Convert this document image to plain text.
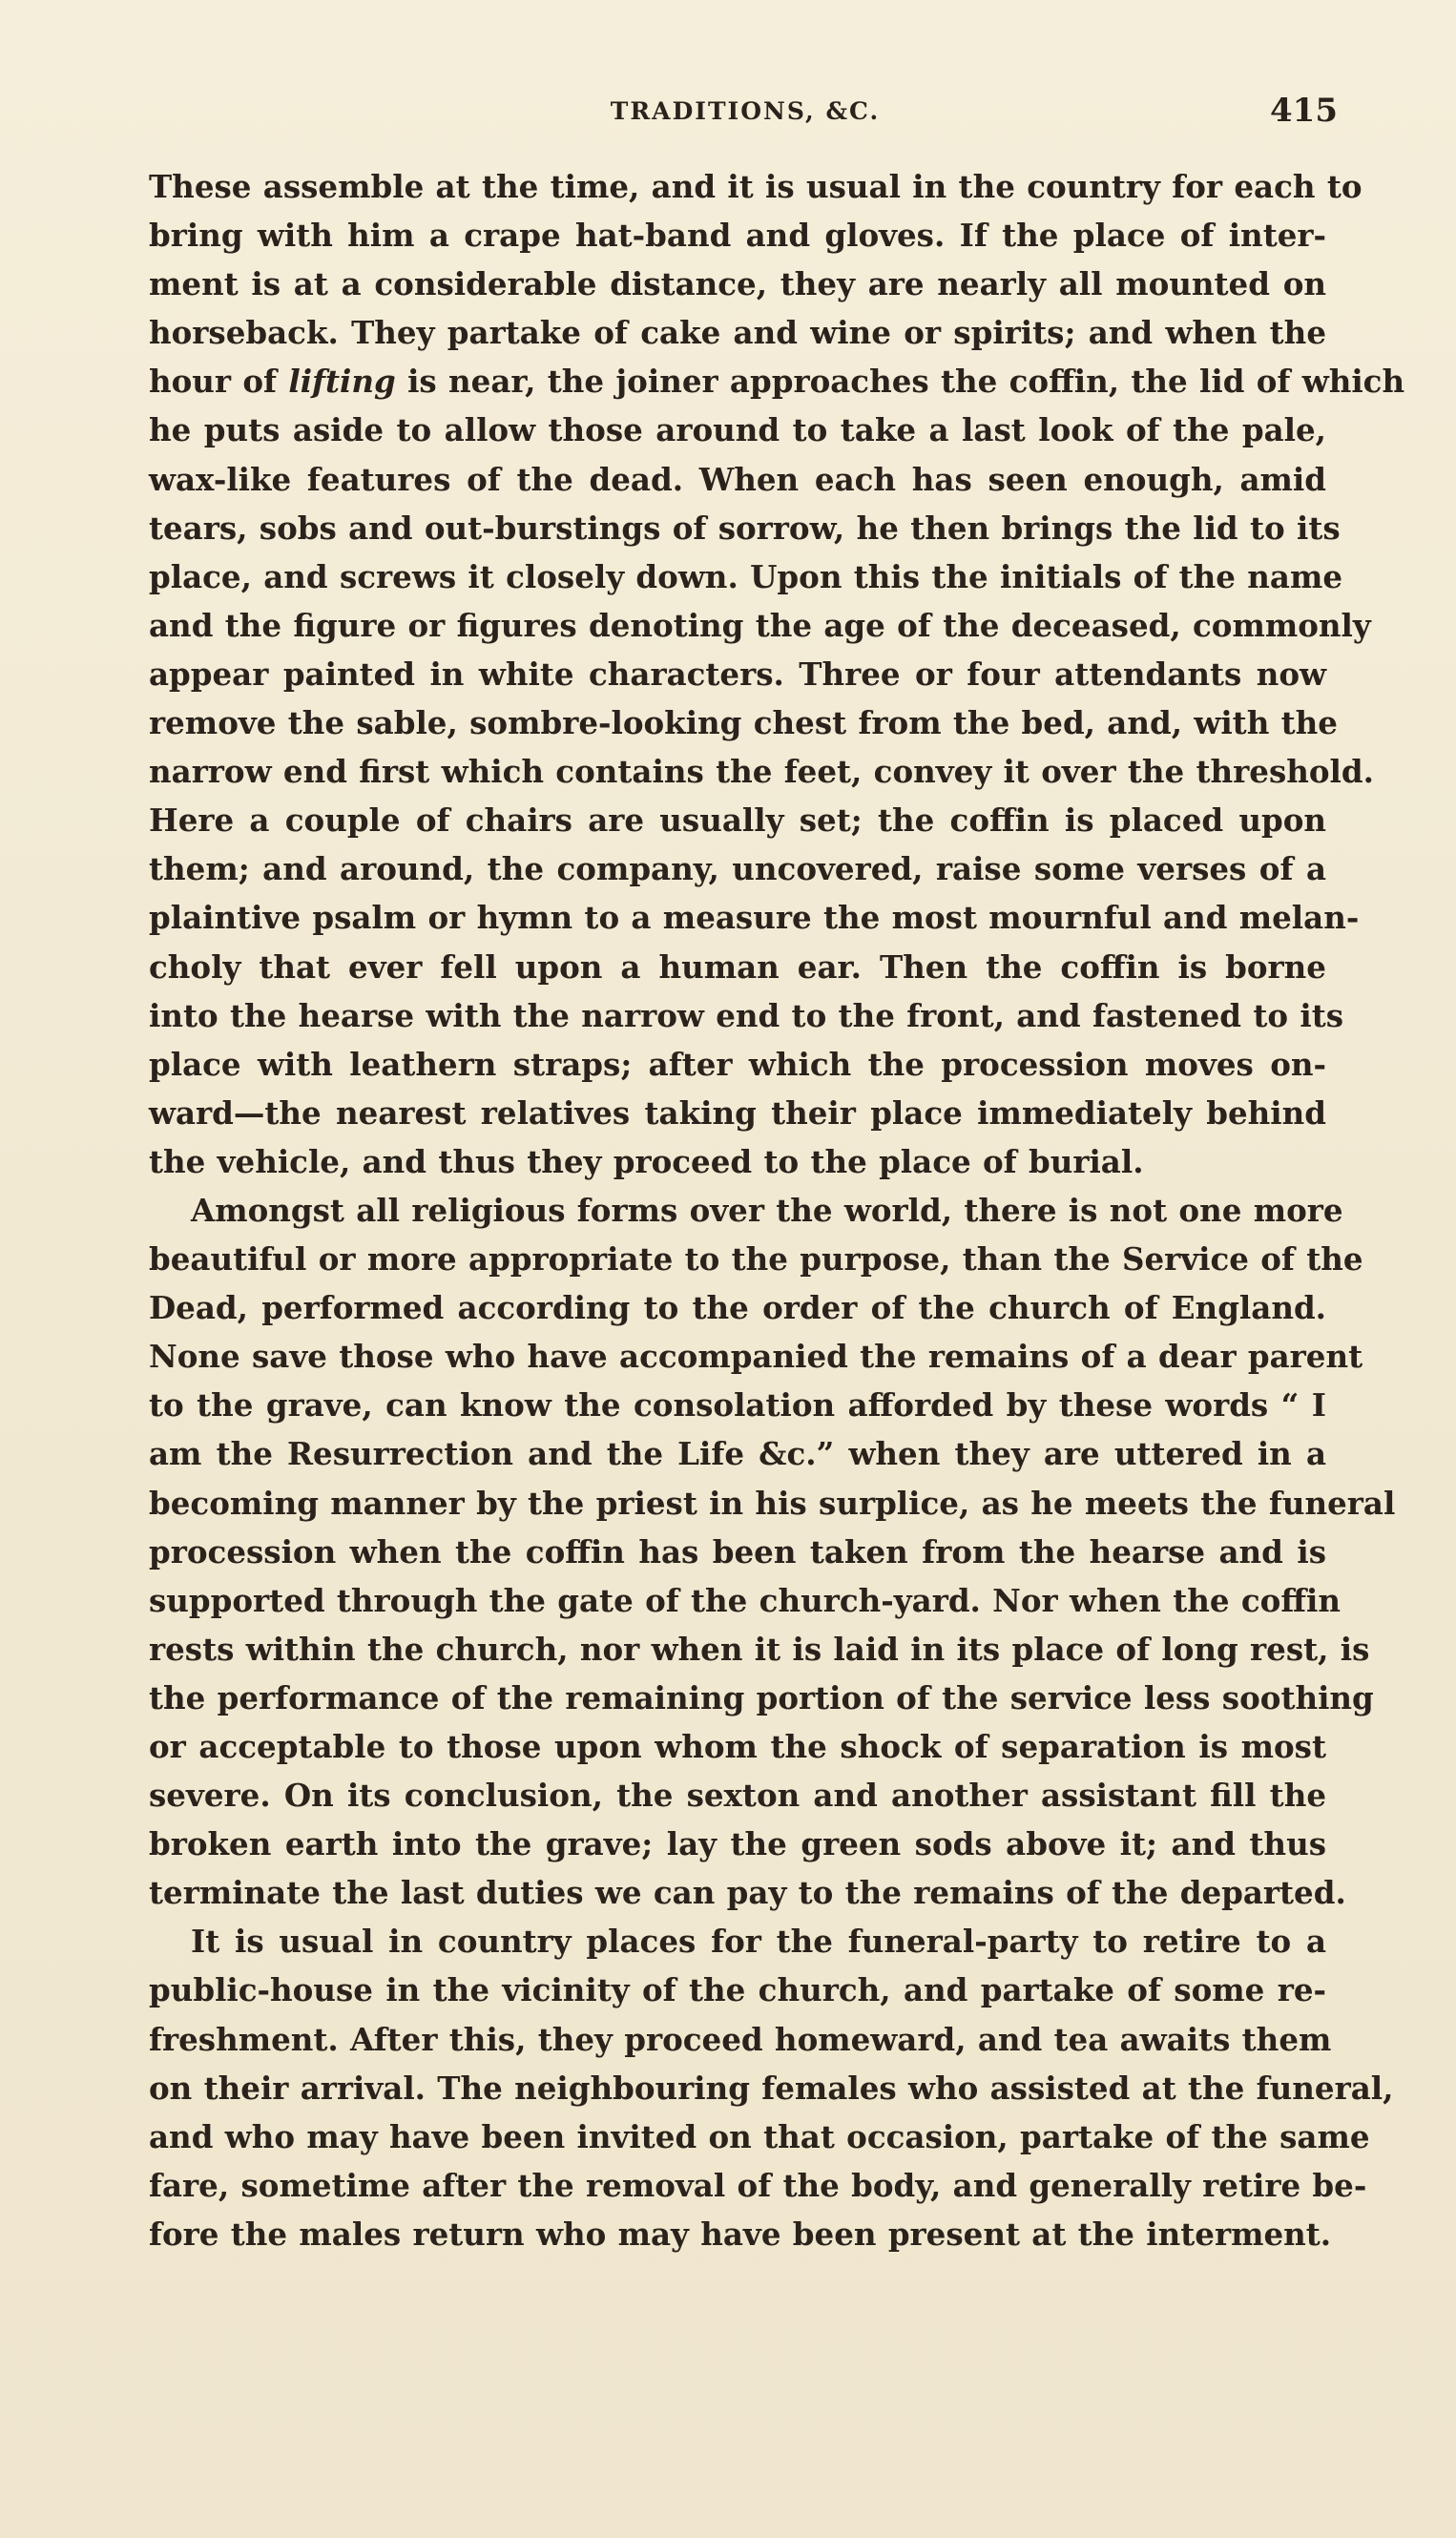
TRADITIONS, &C.	415
These assemble at the time, and it is usual in the country for each to
bring with him a crape hat-band and gloves. If the place of inter-
ment is at a considerable distance, they are nearly all mounted on
horseback. They partake of cake and wine or spirits; and when the
hour of lifting is near, the joiner approaches the coffin, the lid of which
he puts aside to allow those around to take a last look of the pale,
wax-like features of the dead. When each has seen enough, amid
tears, sobs and out-burstings of sorrow, he then brings the lid to its
place, and screws it closely down. Upon this the initials of the name
and the figure or figures denoting the age of the deceased, commonly
appear painted in white characters. Three or four attendants now
remove the sable, sombre-looking chest from the bed, and, with the
narrow end first which contains the feet, convey it over the threshold.
Here a couple of chairs are usually set; the coffin is placed upon
them; and around, the company, uncovered, raise some verses of a
plaintive psalm or hymn to a measure the most mournful and melan-
choly that ever fell upon a human ear. Then the coffin is borne
into the hearse with the narrow end to the front, and fastened to its
place with leathern straps; after which the procession moves on-
ward—the nearest relatives taking their place immediately behind
the vehicle, and thus they proceed to the place of burial.
Amongst all religious forms over the world, there is not one more
beautiful or more appropriate to the purpose, than the Service of the
Dead, performed according to the order of the church of England.
None save those who have accompanied the remains of a dear parent
to the grave, can know the consolation afforded by these words “ I
am the Resurrection and the Life &c.” when they are uttered in a
becoming manner by the priest in his surplice, as he meets the funeral
procession when the coffin has been taken from the hearse and is
supported through the gate of the church-yard. Nor when the coffin
rests within the church, nor when it is laid in its place of long rest, is
the performance of the remaining portion of the service less soothing
or acceptable to those upon whom the shock of separation is most
severe. On its conclusion, the sexton and another assistant fill the
broken earth into the grave; lay the green sods above it; and thus
terminate the last duties we can pay to the remains of the departed.
It is usual in country places for the funeral-party to retire to a
public-house in the vicinity of the church, and partake of some re-
freshment. After this, they proceed homeward, and tea awaits them
on their arrival. The neighbouring females who assisted at the funeral,
and who may have been invited on that occasion, partake of the same
fare, sometime after the removal of the body, and generally retire be-
fore the males return who may have been present at the interment.
